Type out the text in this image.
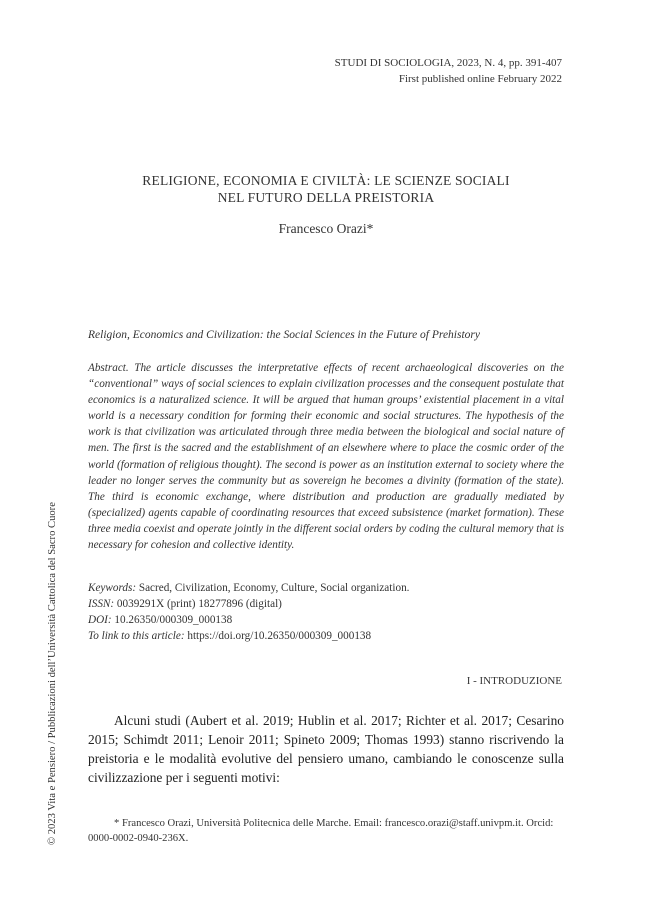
STUDI DI SOCIOLOGIA, 2023, N. 4, pp. 391-407
First published online February 2022
RELIGIONE, ECONOMIA E CIVILTÀ: LE SCIENZE SOCIALI
NEL FUTURO DELLA PREISTORIA
Francesco Orazi*
Religion, Economics and Civilization: the Social Sciences in the Future of Prehistory
Abstract. The article discusses the interpretative effects of recent archaeological discoveries on the “conventional” ways of social sciences to explain civilization processes and the consequent postulate that economics is a naturalized science. It will be argued that human groups’ existential placement in a vital world is a necessary condition for forming their economic and social structures. The hypothesis of the work is that civilization was articulated through three media between the biological and social nature of men. The first is the sacred and the establishment of an elsewhere where to place the cosmic order of the world (formation of religious thought). The second is power as an institution external to society where the leader no longer serves the community but as sovereign he becomes a divinity (formation of the state). The third is economic exchange, where distribution and production are gradually mediated by (specialized) agents capable of coordinating resources that exceed subsistence (market formation). These three media coexist and operate jointly in the different social orders by coding the cultural memory that is necessary for cohesion and collective identity.
Keywords: Sacred, Civilization, Economy, Culture, Social organization.
ISSN: 0039291X (print) 18277896 (digital)
DOI: 10.26350/000309_000138
To link to this article: https://doi.org/10.26350/000309_000138
I - INTRODUZIONE

Alcuni studi (Aubert et al. 2019; Hublin et al. 2017; Richter et al. 2017; Cesarino 2015; Schimdt 2011; Lenoir 2011; Spineto 2009; Thomas 1993) stanno riscrivendo la preistoria e le modalità evolutive del pensiero umano, cambiando le conoscenze sulla civilizzazione per i seguenti motivi:

* Francesco Orazi, Università Politecnica delle Marche. Email: francesco.orazi@staff.univpm.it. Orcid: 0000-0002-0940-236X.

© 2023 Vita e Pensiero / Pubblicazioni dell’Università Cattolica del Sacro Cuore
